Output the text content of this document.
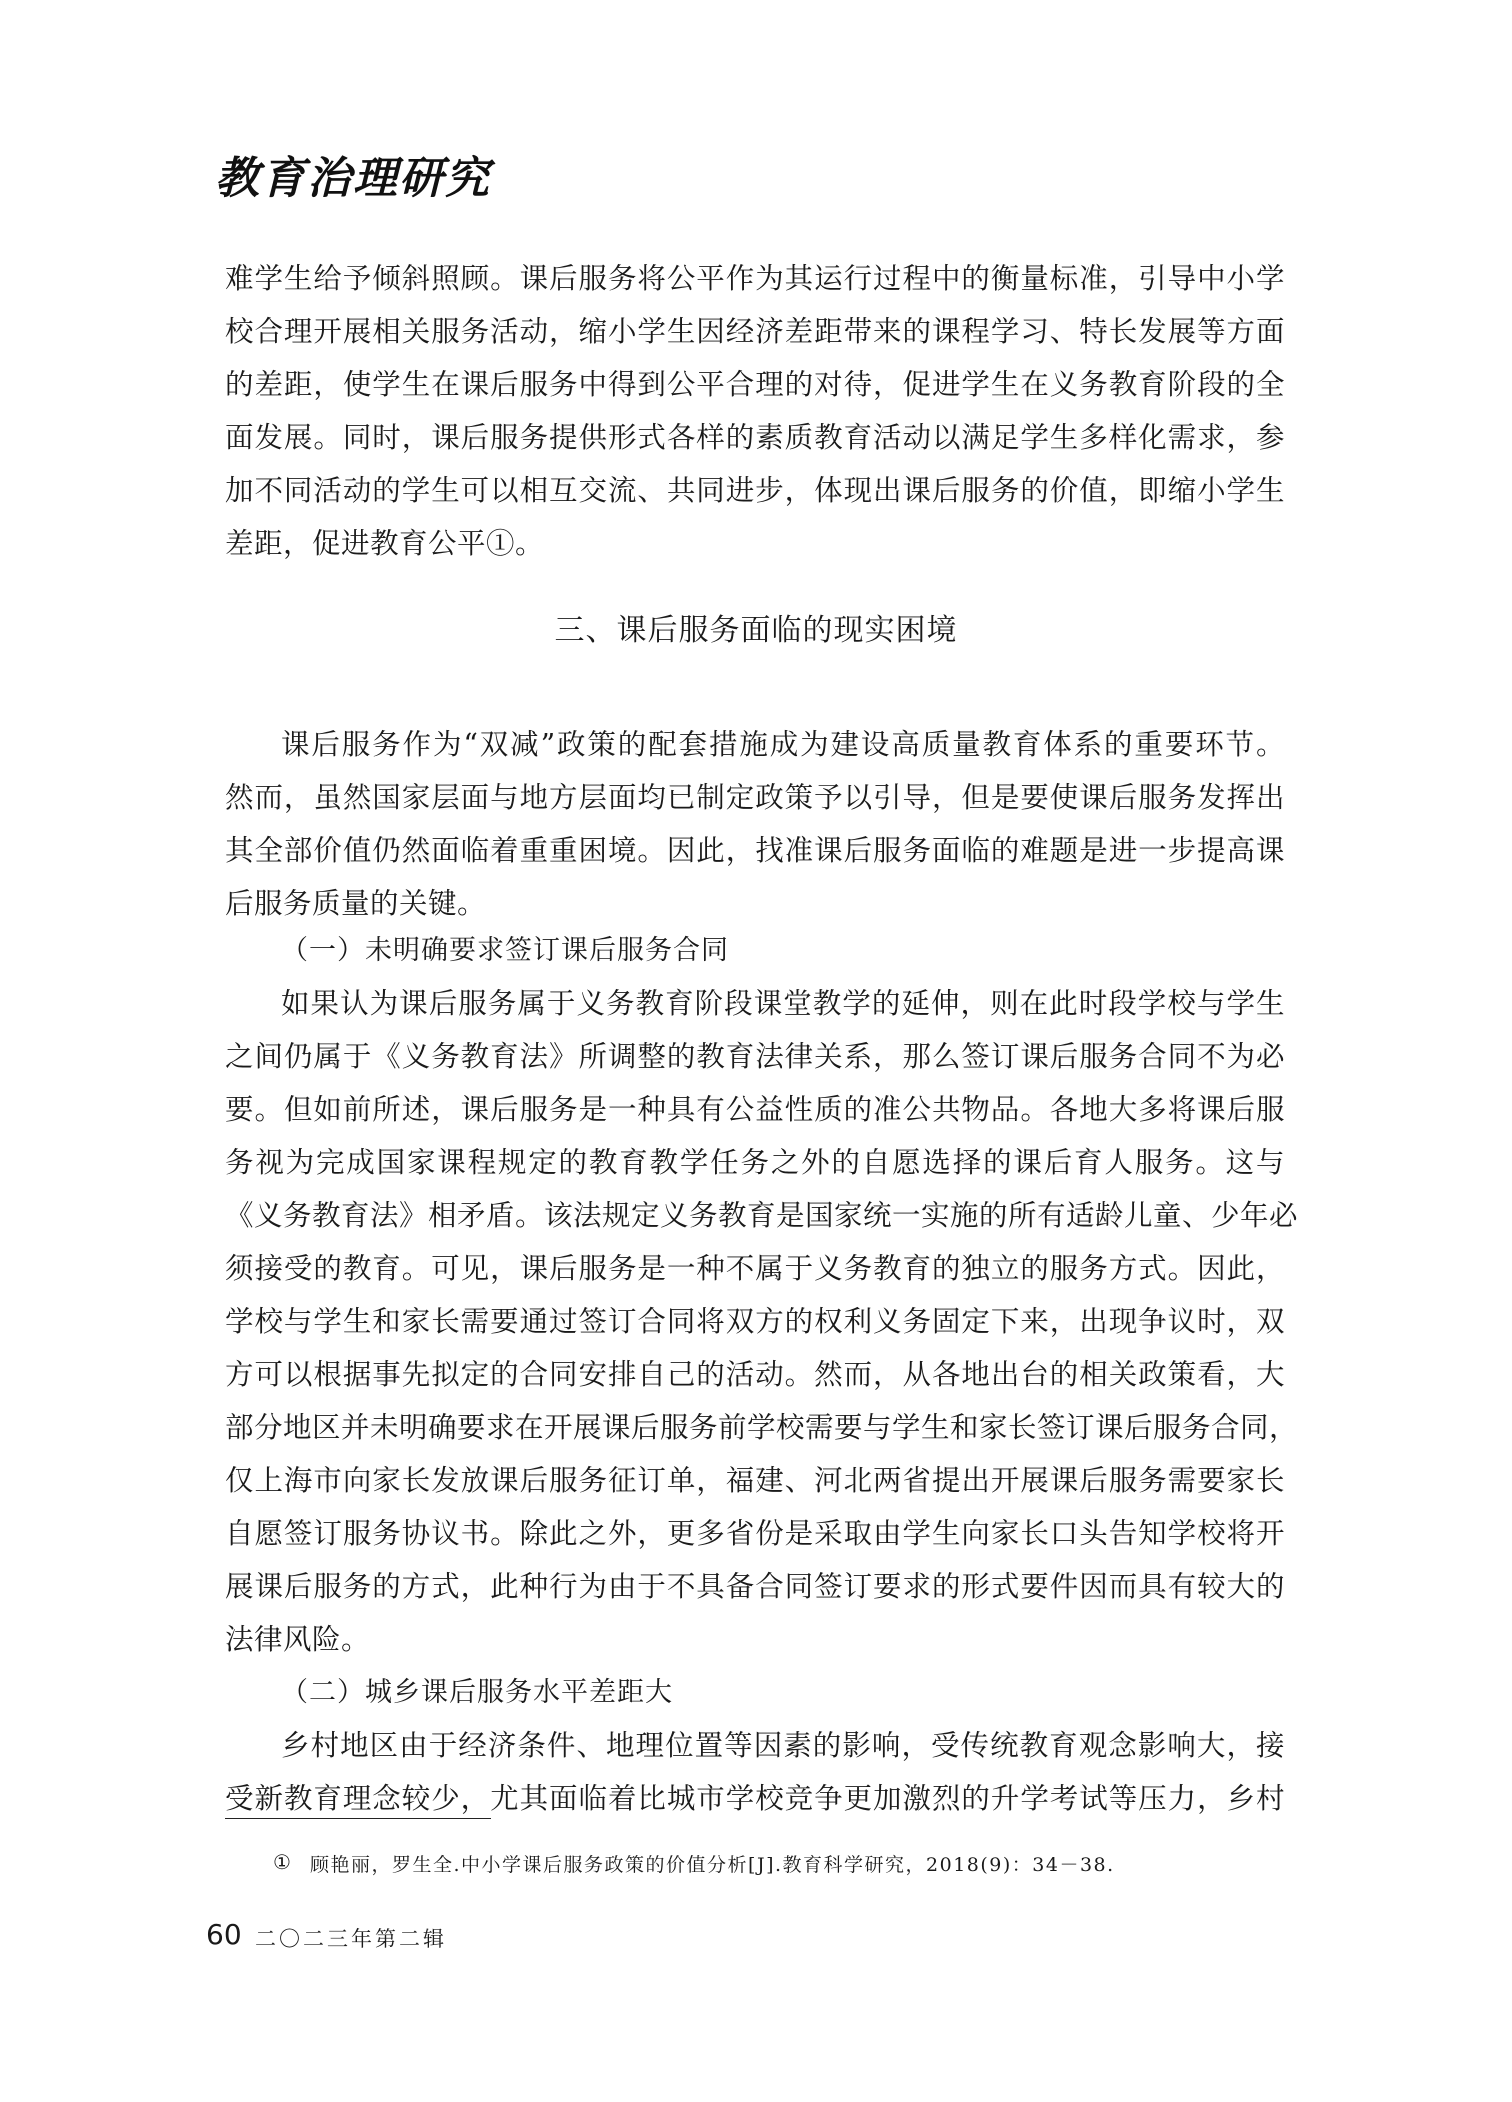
教育治理研究
难学生给予倾斜照顾。课后服务将公平作为其运行过程中的衡量标准，引导中小学
校合理开展相关服务活动，缩小学生因经济差距带来的课程学习、特长发展等方面
的差距，使学生在课后服务中得到公平合理的对待，促进学生在义务教育阶段的全
面发展。同时，课后服务提供形式各样的素质教育活动以满足学生多样化需求，参
加不同活动的学生可以相互交流、共同进步，体现出课后服务的价值，即缩小学生
差距，促进教育公平①。
三、课后服务面临的现实困境
课后服务作为“双减”政策的配套措施成为建设高质量教育体系的重要环节。
然而，虽然国家层面与地方层面均已制定政策予以引导，但是要使课后服务发挥出
其全部价值仍然面临着重重困境。因此，找准课后服务面临的难题是进一步提高课
后服务质量的关键。
（一）未明确要求签订课后服务合同
如果认为课后服务属于义务教育阶段课堂教学的延伸，则在此时段学校与学生
之间仍属于《义务教育法》所调整的教育法律关系，那么签订课后服务合同不为必
要。但如前所述，课后服务是一种具有公益性质的准公共物品。各地大多将课后服
务视为完成国家课程规定的教育教学任务之外的自愿选择的课后育人服务。这与
《义务教育法》相矛盾。该法规定义务教育是国家统一实施的所有适龄儿童、少年必
须接受的教育。可见，课后服务是一种不属于义务教育的独立的服务方式。因此，
学校与学生和家长需要通过签订合同将双方的权利义务固定下来，出现争议时，双
方可以根据事先拟定的合同安排自己的活动。然而，从各地出台的相关政策看，大
部分地区并未明确要求在开展课后服务前学校需要与学生和家长签订课后服务合同，
仅上海市向家长发放课后服务征订单，福建、河北两省提出开展课后服务需要家长
自愿签订服务协议书。除此之外，更多省份是采取由学生向家长口头告知学校将开
展课后服务的方式，此种行为由于不具备合同签订要求的形式要件因而具有较大的
法律风险。
（二）城乡课后服务水平差距大
乡村地区由于经济条件、地理位置等因素的影响，受传统教育观念影响大，接
受新教育理念较少，尤其面临着比城市学校竞争更加激烈的升学考试等压力，乡村
① 顾艳丽，罗生全.中小学课后服务政策的价值分析[J].教育科学研究，2018(9)：34－38.
60 二〇二三年第二辑
